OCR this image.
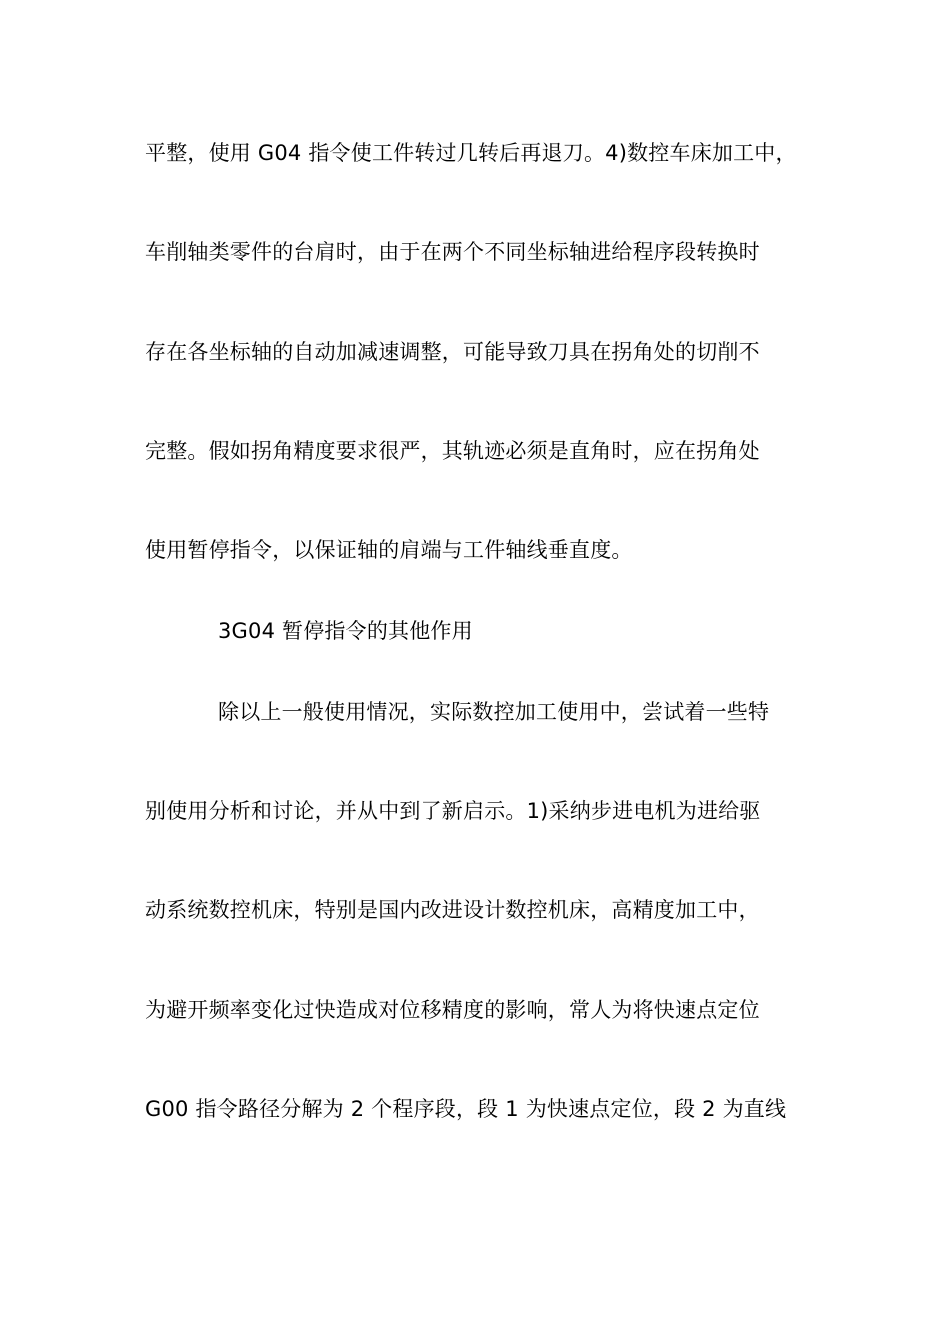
平整，使用 G04 指令使工件转过几转后再退刀。4)数控车床加工中，
车削轴类零件的台肩时，由于在两个不同坐标轴进给程序段转换时
存在各坐标轴的自动加减速调整，可能导致刀具在拐角处的切削不
完整。假如拐角精度要求很严，其轨迹必须是直角时，应在拐角处
使用暂停指令，以保证轴的肩端与工件轴线垂直度。
3G04 暂停指令的其他作用
除以上一般使用情况，实际数控加工使用中，尝试着一些特
别使用分析和讨论，并从中到了新启示。1)采纳步进电机为进给驱
动系统数控机床，特别是国内改进设计数控机床，高精度加工中，
为避开频率变化过快造成对位移精度的影响，常人为将快速点定位
G00 指令路径分解为 2 个程序段，段 1 为快速点定位，段 2 为直线
